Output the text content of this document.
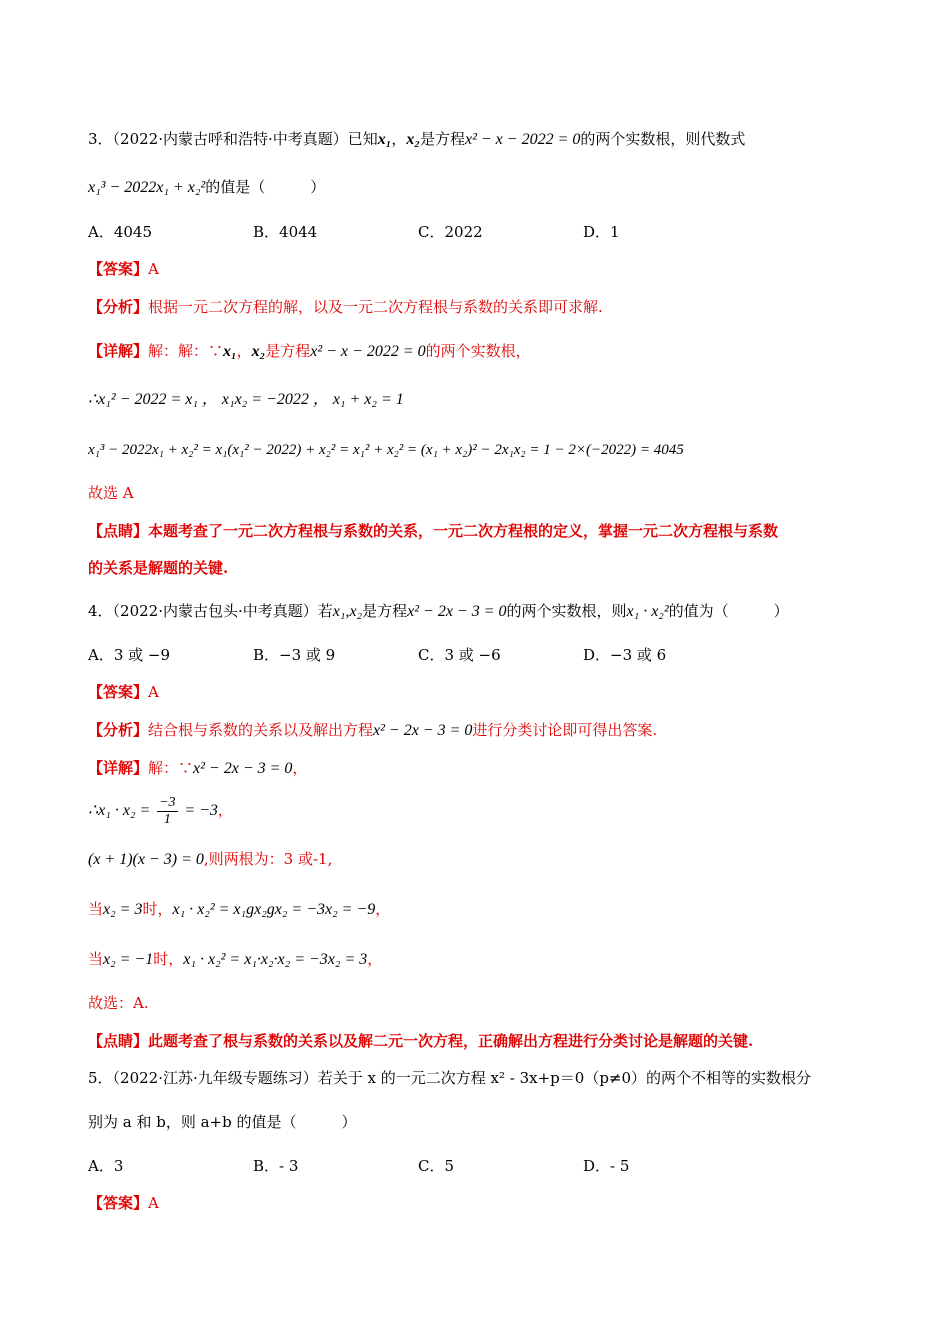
3．（2022·内蒙古呼和浩特·中考真题）已知x₁，x₂是方程x² − x − 2022 = 0的两个实数根，则代数式
x₁³ − 2022x₁ + x₂²的值是（　　　）
A．4045	B．4044	C．2022	D．1
【答案】A
【分析】根据一元二次方程的解，以及一元二次方程根与系数的关系即可求解.
【详解】解：解：∵x₁，x₂是方程x² − x − 2022 = 0的两个实数根，
∴x₁² − 2022 = x₁ ， x₁x₂ = −2022 ， x₁ + x₂ = 1
x₁³ − 2022x₁ + x₂² = x₁(x₁² − 2022) + x₂² = x₁² + x₂² = (x₁ + x₂)² − 2x₁x₂ = 1 − 2×(−2022) = 4045
故选 A
【点睛】本题考查了一元二次方程根与系数的关系，一元二次方程根的定义，掌握一元二次方程根与系数
的关系是解题的关键.
4．（2022·内蒙古包头·中考真题）若x₁,x₂是方程x² − 2x − 3 = 0的两个实数根，则x₁ · x₂²的值为（　　　）
A．3 或 −9	B．−3 或 9	C．3 或 −6	D．−3 或 6
【答案】A
【分析】结合根与系数的关系以及解出方程x² − 2x − 3 = 0进行分类讨论即可得出答案.
【详解】解：∵x² − 2x − 3 = 0，
∴x₁ · $x_2 = \frac{-3}{1} = -3$，
(x + 1)(x − 3) = 0,则两根为：3 或-1,
当x₂ = 3时，x₁ · x₂² = x₁gx₂gx₂ = −3x₂ = −9，
当x₂ = −1时，x₁ · x₂² = x₁·x₂·x₂ = −3x₂ = 3，
故选：A.
【点睛】此题考查了根与系数的关系以及解二元一次方程，正确解出方程进行分类讨论是解题的关键.
5．（2022·江苏·九年级专题练习）若关于 x 的一元二次方程 x² - 3x+p＝0（p≠0）的两个不相等的实数根分
别为 a 和 b，则 a+b 的值是（　　　）
A．3	B．- 3	C．5	D．- 5
【答案】A
